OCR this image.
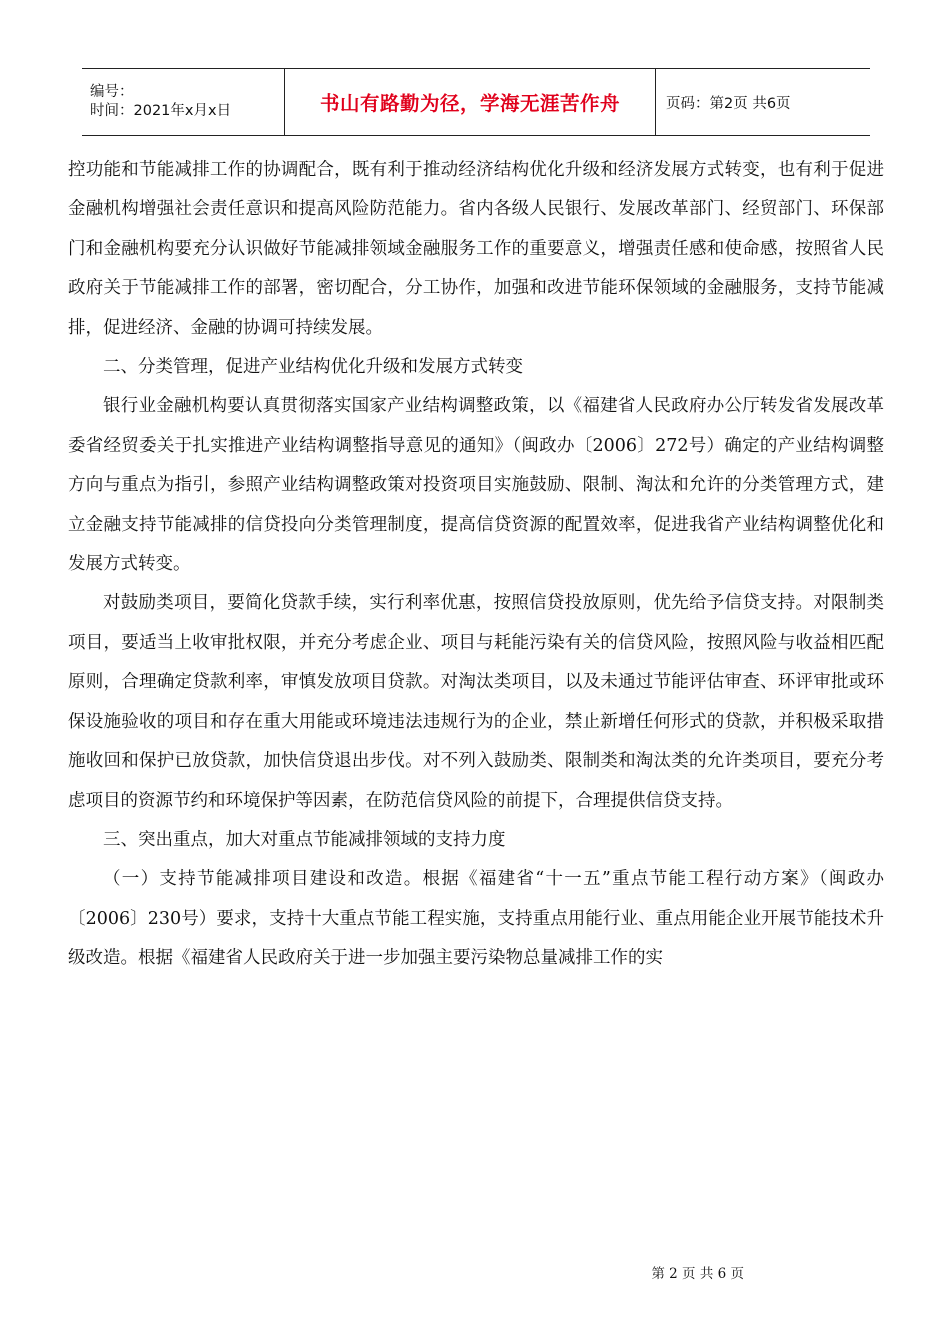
编号：
时间：2021年x月x日	书山有路勤为径，学海无涯苦作舟	页码：第2页 共6页

控功能和节能减排工作的协调配合，既有利于推动经济结构优化升级和经济发展方式转变，也有利于促进金融机构增强社会责任意识和提高风险防范能力。省内各级人民银行、发展改革部门、经贸部门、环保部门和金融机构要充分认识做好节能减排领域金融服务工作的重要意义，增强责任感和使命感，按照省人民政府关于节能减排工作的部署，密切配合，分工协作，加强和改进节能环保领域的金融服务，支持节能减排，促进经济、金融的协调可持续发展。

二、分类管理，促进产业结构优化升级和发展方式转变

银行业金融机构要认真贯彻落实国家产业结构调整政策，以《福建省人民政府办公厅转发省发展改革委省经贸委关于扎实推进产业结构调整指导意见的通知》（闽政办〔2006〕272号）确定的产业结构调整方向与重点为指引，参照产业结构调整政策对投资项目实施鼓励、限制、淘汰和允许的分类管理方式，建立金融支持节能减排的信贷投向分类管理制度，提高信贷资源的配置效率，促进我省产业结构调整优化和发展方式转变。

对鼓励类项目，要简化贷款手续，实行利率优惠，按照信贷投放原则，优先给予信贷支持。对限制类项目，要适当上收审批权限，并充分考虑企业、项目与耗能污染有关的信贷风险，按照风险与收益相匹配原则，合理确定贷款利率，审慎发放项目贷款。对淘汰类项目，以及未通过节能评估审查、环评审批或环保设施验收的项目和存在重大用能或环境违法违规行为的企业，禁止新增任何形式的贷款，并积极采取措施收回和保护已放贷款，加快信贷退出步伐。对不列入鼓励类、限制类和淘汰类的允许类项目，要充分考虑项目的资源节约和环境保护等因素，在防范信贷风险的前提下，合理提供信贷支持。

三、突出重点，加大对重点节能减排领域的支持力度

（一）支持节能减排项目建设和改造。根据《福建省“十一五”重点节能工程行动方案》（闽政办〔2006〕230号）要求，支持十大重点节能工程实施，支持重点用能行业、重点用能企业开展节能技术升级改造。根据《福建省人民政府关于进一步加强主要污染物总量减排工作的实

第 2 页 共 6 页
